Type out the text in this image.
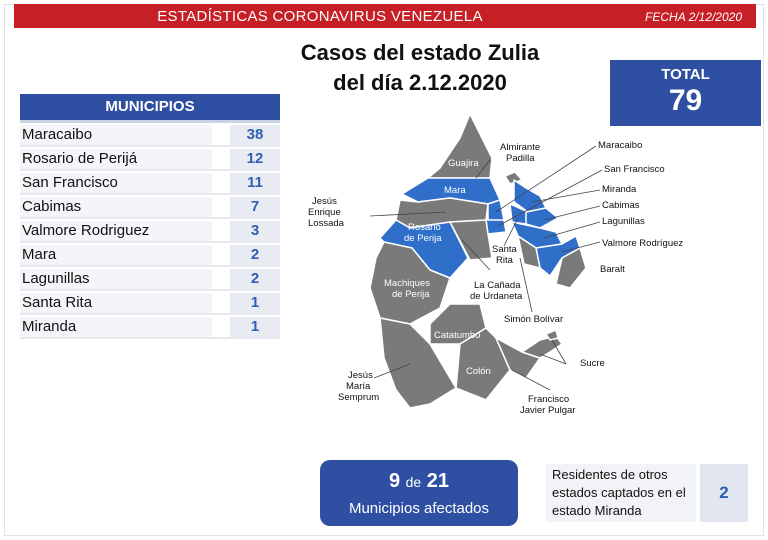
ESTADÍSTICAS CORONAVIRUS VENEZUELA	FECHA 2/12/2020
Casos del estado Zulia
del día 2.12.2020	TOTAL
79
MUNICIPIOS
Maracaibo	38
Rosario de Perijá	12
San Francisco	11
Cabimas	7
Valmore Rodriguez	3
Mara	2
Lagunillas	2
Santa Rita	1
Miranda	1
Guajira
Mara
Rosario
de Perija
Machiques
de Perija
Catatumbo
Colón
Almirante
Padilla
Maracaibo
San Francisco
Miranda
Cabimas
Lagunillas
Valmore Rodríguez
Baralt
Jesús
Enrique
Lossada
Santa
Rita
La Cañada
de Urdaneta
Simón Bolívar
Sucre
Jesús
María
Semprum	Francisco
Javier Pulgar
9 de 21
Municipios afectados
Residentes de otros
estados captados en el
estado Miranda
2
